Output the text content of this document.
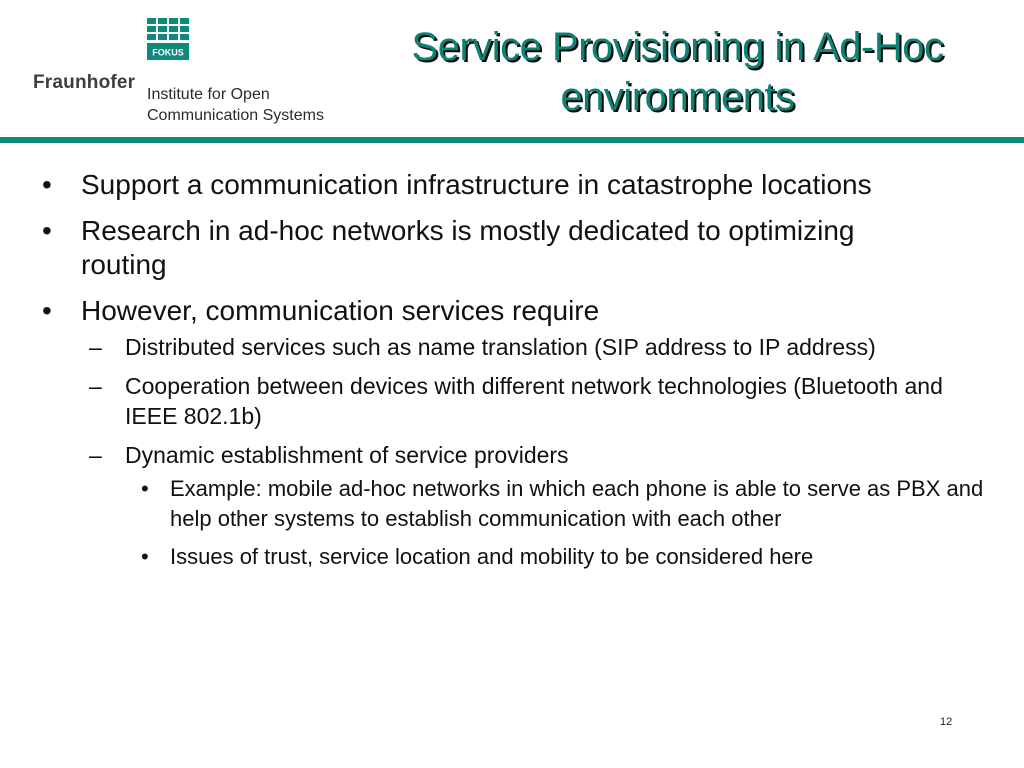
FOKUS
Fraunhofer
Institute for Open
Communication Systems
Service Provisioning in Ad-Hoc
environments
• Support a communication infrastructure in catastrophe locations
• Research in ad-hoc networks is mostly dedicated to optimizing routing
• However, communication services require
– Distributed services such as name translation (SIP address to IP address)
– Cooperation between devices with different network technologies (Bluetooth and IEEE 802.1b)
– Dynamic establishment of service providers
• Example: mobile ad-hoc networks in which each phone is able to serve as PBX and help other systems to establish communication with each other
• Issues of trust, service location and mobility to be considered here
12
